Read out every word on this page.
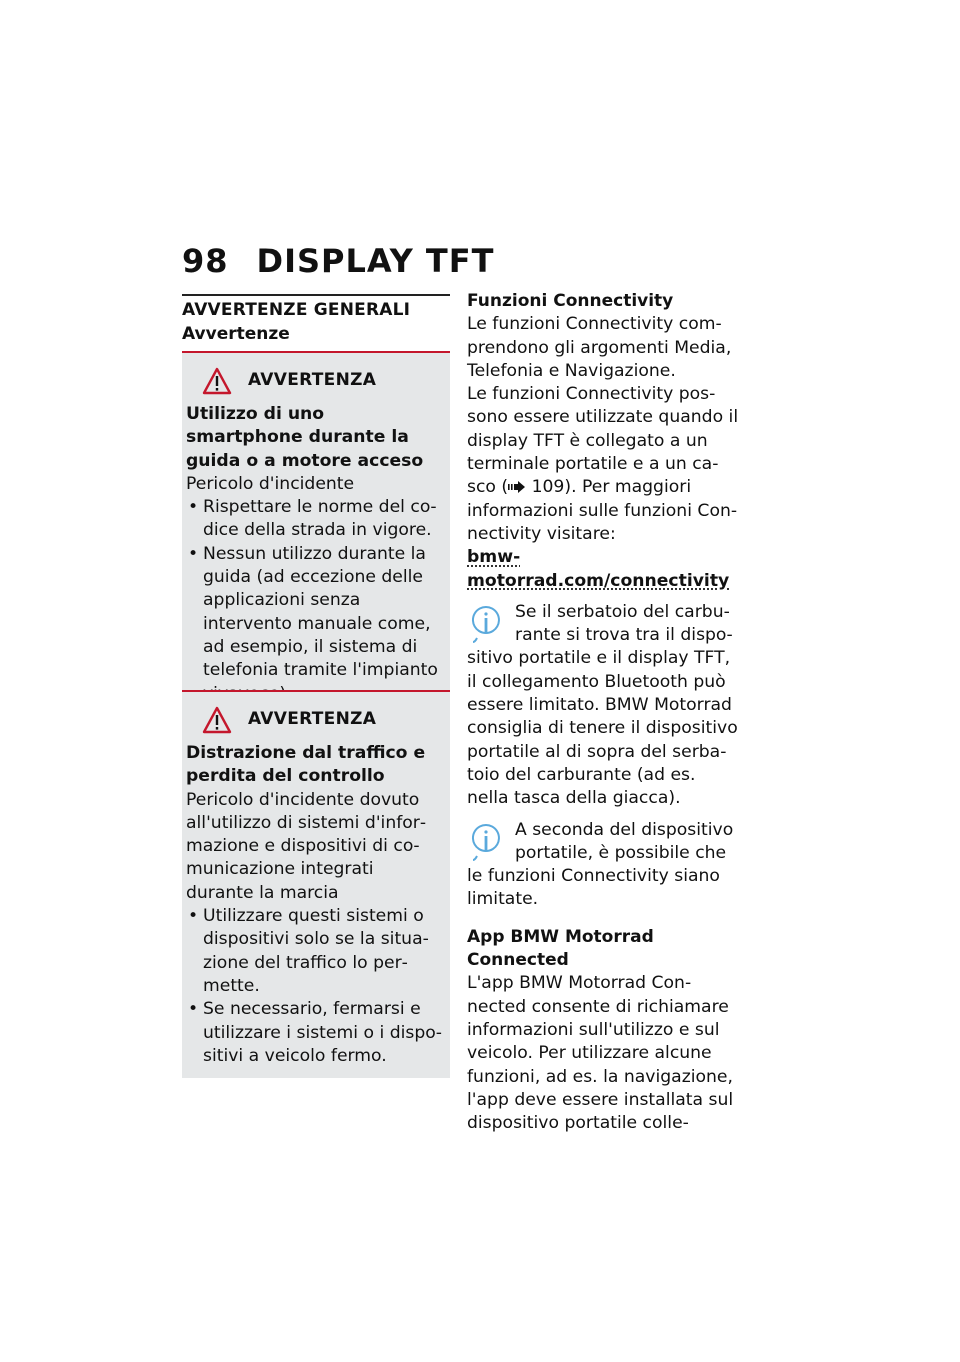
98 DISPLAY TFT
AVVERTENZE GENERALI
Avvertenze
AVVERTENZA

Utilizzo di uno smartphone durante la guida o a motore acceso

Pericolo d'incidente

• Rispettare le norme del codice della strada in vigore.
• Nessun utilizzo durante la guida (ad eccezione delle applicazioni senza intervento manuale come, ad esempio, il sistema di telefonia tramite l'impianto
AVVERTENZA

Distrazione dal traffico e perdita del controllo

Pericolo d'incidente dovuto all'utilizzo di sistemi d'informazione e dispositivi di comunicazione integrati durante la marcia

• Utilizzare questi sistemi o dispositivi solo se la situazione del traffico lo permette.
• Se necessario, fermarsi e utilizzare i sistemi o i dispositivi a veicolo fermo.

Funzioni Connectivity

Le funzioni Connectivity comprendono gli argomenti Media, Telefonia e Navigazione.

Le funzioni Connectivity possono essere utilizzate quando il display TFT è collegato a un terminale portatile e a un casco ( 109). Per maggiori informazioni sulle funzioni Connectivity visitare:

bmw-motorrad.com/connectivity

Se il serbatoio del carburante si trova tra il dispositivo portatile e il display TFT, il collegamento Bluetooth può essere limitato. BMW Motorrad consiglia di tenere il dispositivo portatile al di sopra del serbatoio del carburante (ad es. nella tasca della giacca).
A seconda del dispositivo portatile, è possibile che le funzioni Connectivity siano limitate.

App BMW Motorrad Connected

L'app BMW Motorrad Connected consente di richiamare informazioni sull'utilizzo e sul veicolo. Per utilizzare alcune funzioni, ad es. la navigazione, l'app deve essere installata sul dispositivo portatile colle-
